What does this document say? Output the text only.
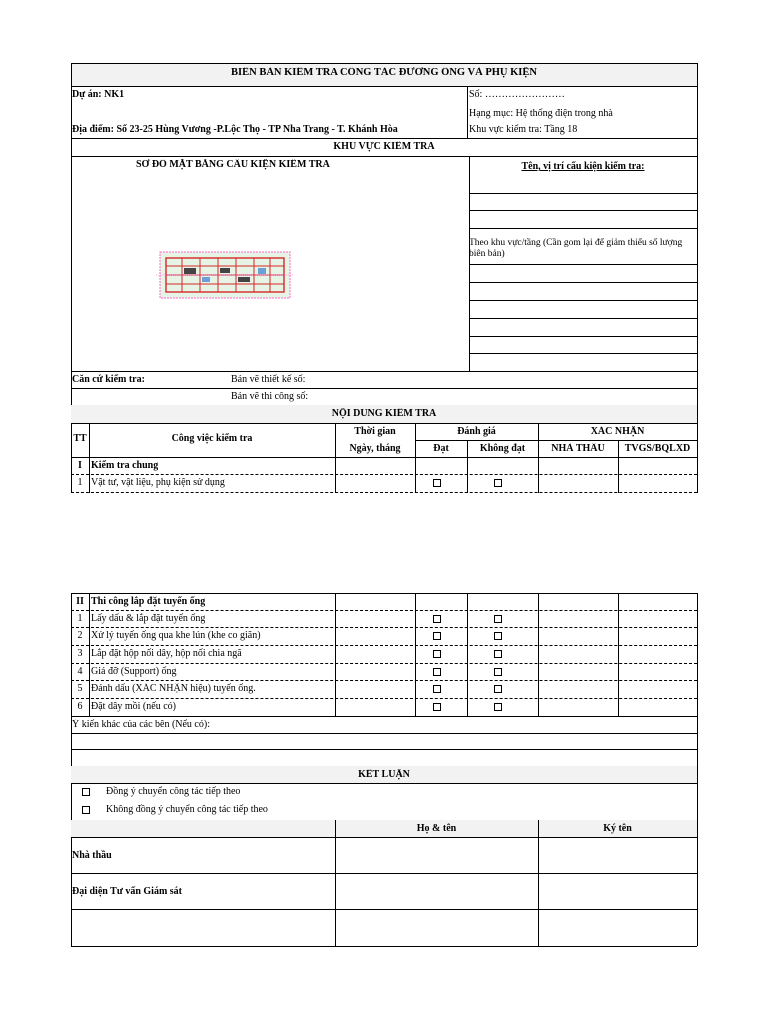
BIÊN BẢN KIỂM TRA CÔNG TÁC ĐƯỜNG ỐNG VÀ PHỤ KIỆN
Dự án: NK1
Địa điểm: Số 23-25 Hùng Vương -P.Lộc Thọ - TP Nha Trang - T. Khánh Hòa
Số: ……………………
Hạng mục: Hệ thống điện trong nhà
Khu vực kiểm tra: Tầng 18
KHU VỰC KIỂM TRA
SƠ ĐỒ MẶT BẰNG CẤU KIỆN KIỂM TRA	Tên, vị trí cấu kiện kiểm tra:
Theo khu vực/tầng (Cần gom lại để giảm thiểu số lượng biên bản)
Căn cứ kiểm tra:	Bản vẽ thiết kế số:
Bản vẽ thi công số:
NỘI DUNG KIỂM TRA
TT	Công việc kiểm tra
Thời gian
Ngày, tháng
Đánh giá
Đạt	Không đạt
XÁC NHẬN
NHÀ THẦU	TVGS/BQLXD
I Kiểm tra chung
1 Vật tư, vật liệu, phụ kiện sử dụng
II Thi công lắp đặt tuyến ống
1 Lấy dấu & lắp đặt tuyến ống
2 Xử lý tuyến ống qua khe lún (khe co giãn)
3 Lắp đặt hộp nối dây, hộp nối chia ngã
4 Giá đỡ (Support) ống
5 Đánh dấu (XÁC NHẬN hiệu) tuyến ống.
6 Đặt dây mồi (nếu có)
Ý kiến khác của các bên (Nếu có):
KẾT LUẬN
Đồng ý chuyển công tác tiếp theo
Không đồng ý chuyển công tác tiếp theo
Họ & tên	Ký tên
Nhà thầu
Đại diện Tư vấn Giám sát
